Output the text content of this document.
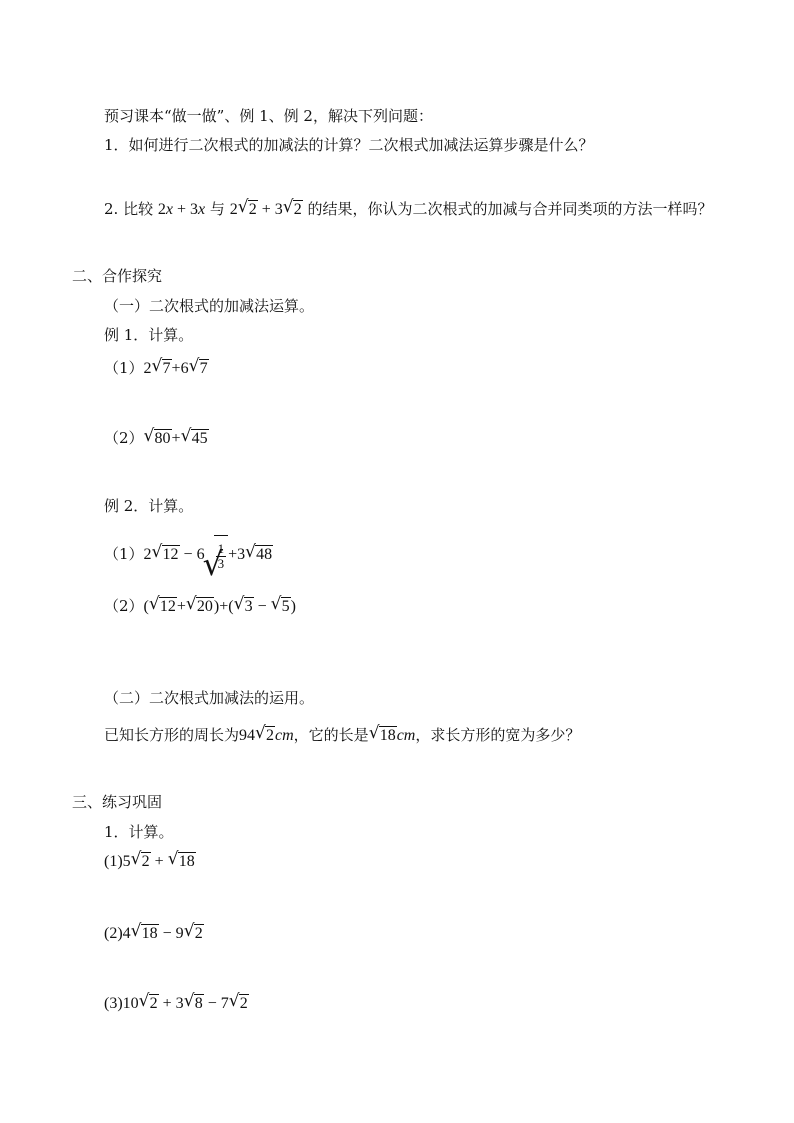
预习课本“做一做”、例 1、例 2，解决下列问题：
1．如何进行二次根式的加减法的计算？二次根式加减法运算步骤是什么？
2. 比较 2x + 3x 与 2√ 2 + 3√ 2 的结果，你认为二次根式的加减与合并同类项的方法一样吗？
二、合作探究
（一）二次根式的加减法运算。
例 1．计算。
（1）2√ 7+6√ 7
（2）√ 80+√ 45
例 2．计算。
（1）2√ 12 − 6
√ $\frac{1}{3} +3√$ 48
（2）(√ 12+√ 20)+(√ 3 − √ 5)
（二）二次根式加减法的运用。
已知长方形的周长为94√ 2cm，它的长是√ 18cm，求长方形的宽为多少？
三、练习巩固
1．计算。
(1)5√ 2 + √ 18
(2)4√ 18 − 9√ 2
(3)10√ 2 + 3√ 8 − 7√ 2
